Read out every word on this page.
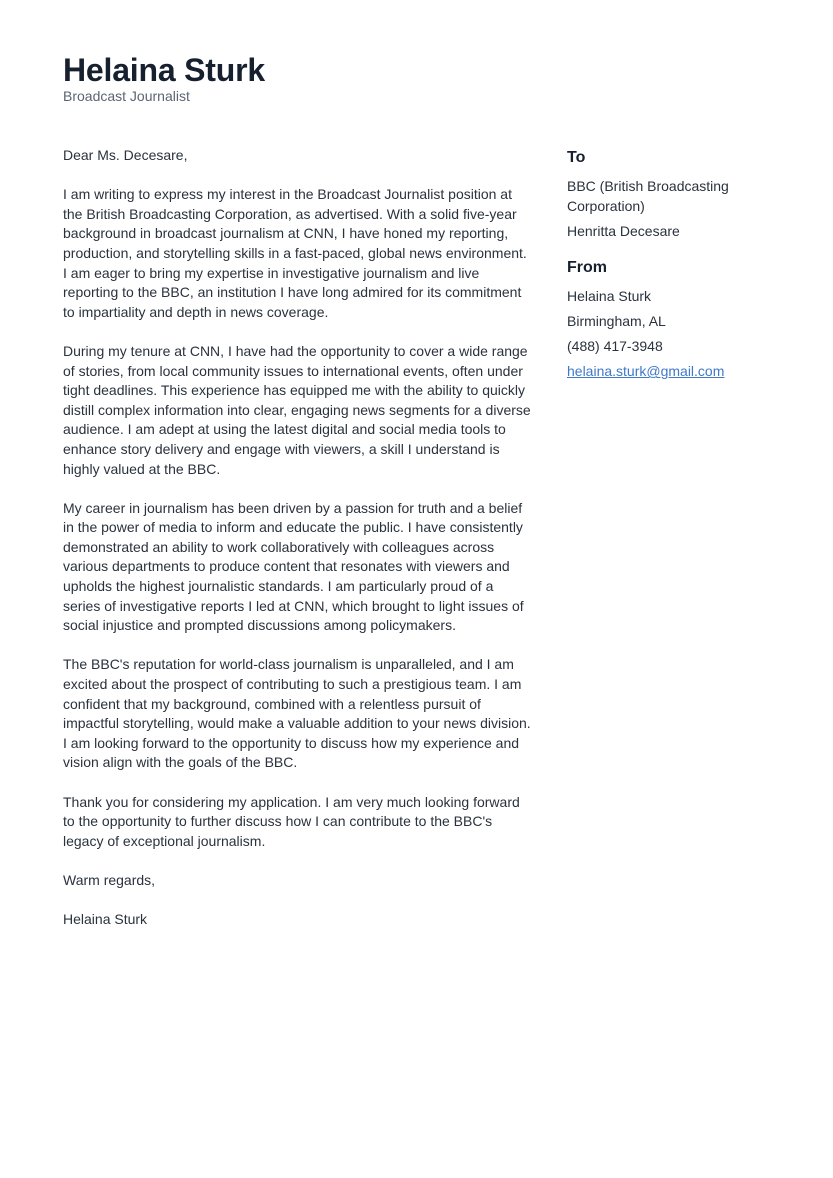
Helaina Sturk
Broadcast Journalist

Dear Ms. Decesare,

I am writing to express my interest in the Broadcast Journalist position at the British Broadcasting Corporation, as advertised. With a solid five-year background in broadcast journalism at CNN, I have honed my reporting, production, and storytelling skills in a fast-paced, global news environment. I am eager to bring my expertise in investigative journalism and live reporting to the BBC, an institution I have long admired for its commitment to impartiality and depth in news coverage.

During my tenure at CNN, I have had the opportunity to cover a wide range of stories, from local community issues to international events, often under tight deadlines. This experience has equipped me with the ability to quickly distill complex information into clear, engaging news segments for a diverse audience. I am adept at using the latest digital and social media tools to enhance story delivery and engage with viewers, a skill I understand is highly valued at the BBC.

My career in journalism has been driven by a passion for truth and a belief in the power of media to inform and educate the public. I have consistently demonstrated an ability to work collaboratively with colleagues across various departments to produce content that resonates with viewers and upholds the highest journalistic standards. I am particularly proud of a series of investigative reports I led at CNN, which brought to light issues of social injustice and prompted discussions among policymakers.

The BBC's reputation for world-class journalism is unparalleled, and I am excited about the prospect of contributing to such a prestigious team. I am confident that my background, combined with a relentless pursuit of impactful storytelling, would make a valuable addition to your news division. I am looking forward to the opportunity to discuss how my experience and vision align with the goals of the BBC.

Thank you for considering my application. I am very much looking forward to the opportunity to further discuss how I can contribute to the BBC's legacy of exceptional journalism.

Warm regards,

Helaina Sturk

To
BBC (British Broadcasting Corporation)
Henritta Decesare
From
Helaina Sturk
Birmingham, AL
(488) 417-3948
helaina.sturk@gmail.com
